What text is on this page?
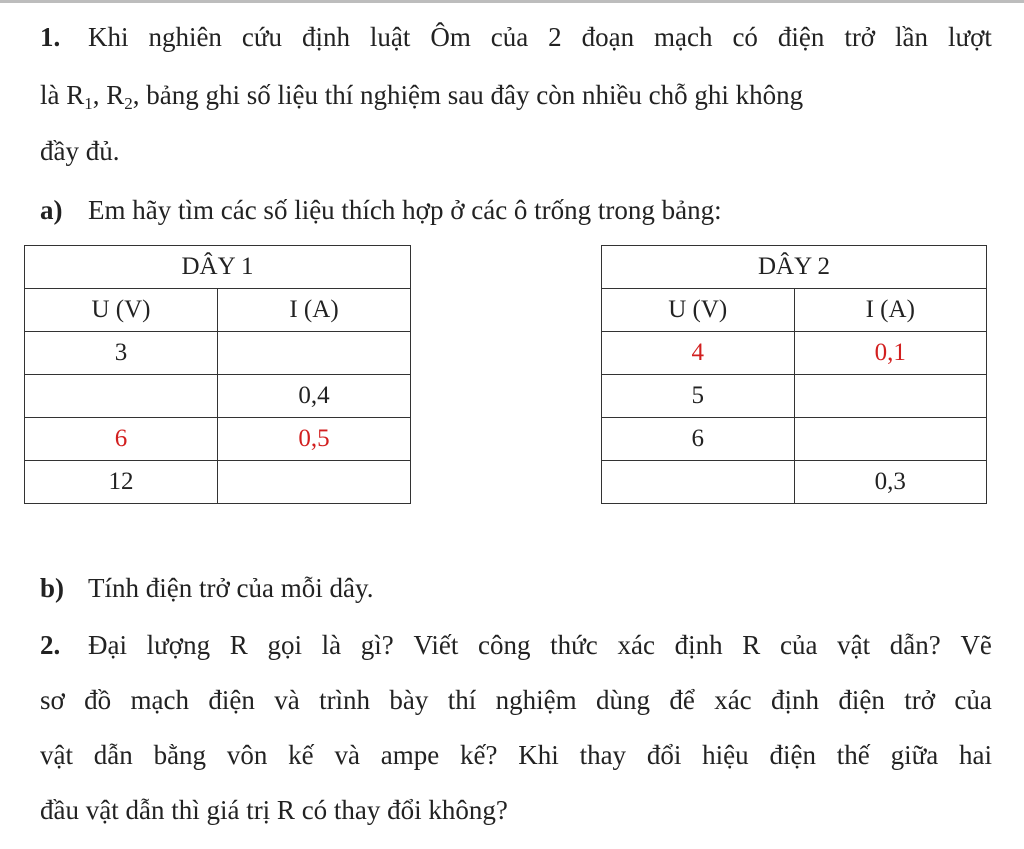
1.	Khi nghiên cứu định luật Ôm của 2 đoạn mạch có điện trở lần lượt
là $R_1$, $R_2$, bảng ghi số liệu thí nghiệm sau đây còn nhiều chỗ ghi không
đầy đủ.
a) Em hãy tìm các số liệu thích hợp ở các ô trống trong bảng:
DÂY 1	
U (V)	I (A)
3	
	0,4
6	0,5
12	
DÂY 2	
U (V)	I (A)
4	0,1
5	
6	
	0,3
b) Tính điện trở của mỗi dây.
2.	Đại lượng R gọi là gì? Viết công thức xác định R của vật dẫn? Vẽ
sơ đồ mạch điện và trình bày thí nghiệm dùng để xác định điện trở của
vật dẫn bằng vôn kế và ampe kế? Khi thay đổi hiệu điện thế giữa hai
đầu vật dẫn thì giá trị R có thay đổi không?
